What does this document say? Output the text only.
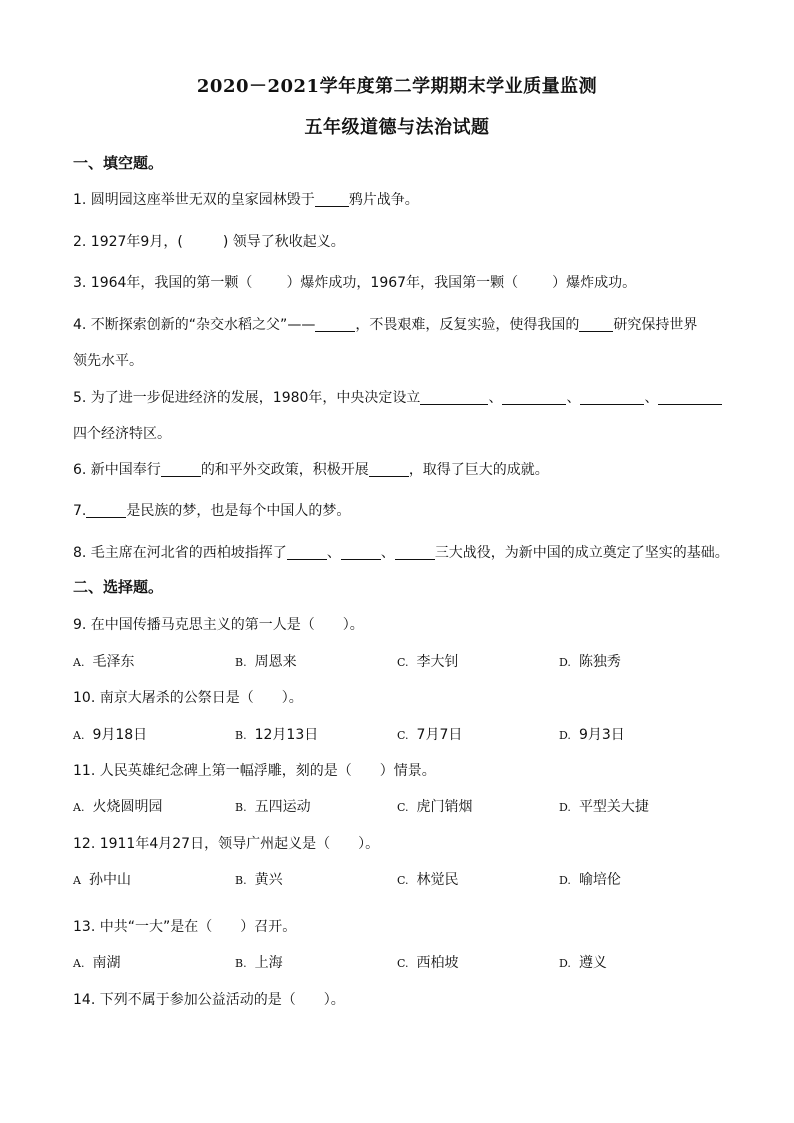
2020－2021学年度第二学期期末学业质量监测
五年级道德与法治试题
一、填空题。
1. 圆明园这座举世无双的皇家园林毁于 鸦片战争。
2. 1927年9月，(	) 领导了秋收起义。
3. 1964年，我国的第一颗（ ）爆炸成功，1967年，我国第一颗（ ）爆炸成功。
4. 不断探索创新的“杂交水稻之父”——	，不畏艰难，反复实验，使得我国的 研究保持世界
领先水平。
5. 为了进一步促进经济的发展，1980年，中央决定设立	、	、	、
四个经济特区。
6. 新中国奉行	的和平外交政策，积极开展	，取得了巨大的成就。
7.	是民族的梦，也是每个中国人的梦。
8. 毛主席在河北省的西柏坡指挥了	、	、	三大战役，为新中国的成立奠定了坚实的基础。
二、选择题。
9. 在中国传播马克思主义的第一人是（　　）。
A. 毛泽东	B. 周恩来	C. 李大钊	D. 陈独秀
10. 南京大屠杀的公祭日是（　　）。
A. 9月18日	B. 12月13日	C. 7月7日	D. 9月3日
11. 人民英雄纪念碑上第一幅浮雕，刻的是（　　）情景。
A. 火烧圆明园	B. 五四运动	C. 虎门销烟	D. 平型关大捷
12. 1911年4月27日，领导广州起义是（　　）。
A 孙中山	B. 黄兴	C. 林觉民	D. 喻培伦
13. 中共“一大”是在（　　）召开。
A. 南湖	B. 上海	C. 西柏坡	D. 遵义
14. 下列不属于参加公益活动的是（　　）。
